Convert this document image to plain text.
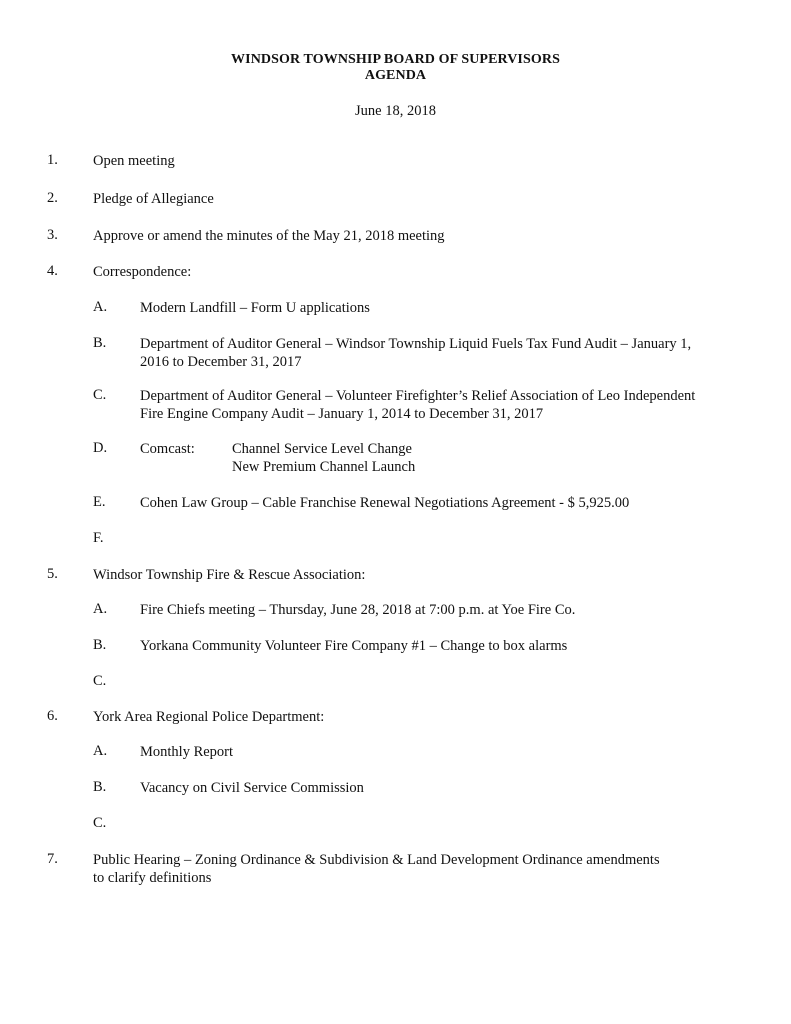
WINDSOR TOWNSHIP BOARD OF SUPERVISORS
AGENDA
June 18, 2018
1. Open meeting
2. Pledge of Allegiance
3. Approve or amend the minutes of the May 21, 2018 meeting
4. Correspondence:
A. Modern Landfill – Form U applications
B. Department of Auditor General – Windsor Township Liquid Fuels Tax Fund Audit – January 1,
2016 to December 31, 2017
C. Department of Auditor General – Volunteer Firefighter’s Relief Association of Leo Independent
Fire Engine Company Audit – January 1, 2014 to December 31, 2017
D. Comcast:	Channel Service Level Change
New Premium Channel Launch
E. Cohen Law Group – Cable Franchise Renewal Negotiations Agreement - $ 5,925.00
F.
5. Windsor Township Fire & Rescue Association:
A. Fire Chiefs meeting – Thursday, June 28, 2018 at 7:00 p.m. at Yoe Fire Co.
B. Yorkana Community Volunteer Fire Company #1 – Change to box alarms
C.
6. York Area Regional Police Department:
A. Monthly Report
B. Vacancy on Civil Service Commission
C.
7. Public Hearing – Zoning Ordinance & Subdivision & Land Development Ordinance amendments
to clarify definitions
